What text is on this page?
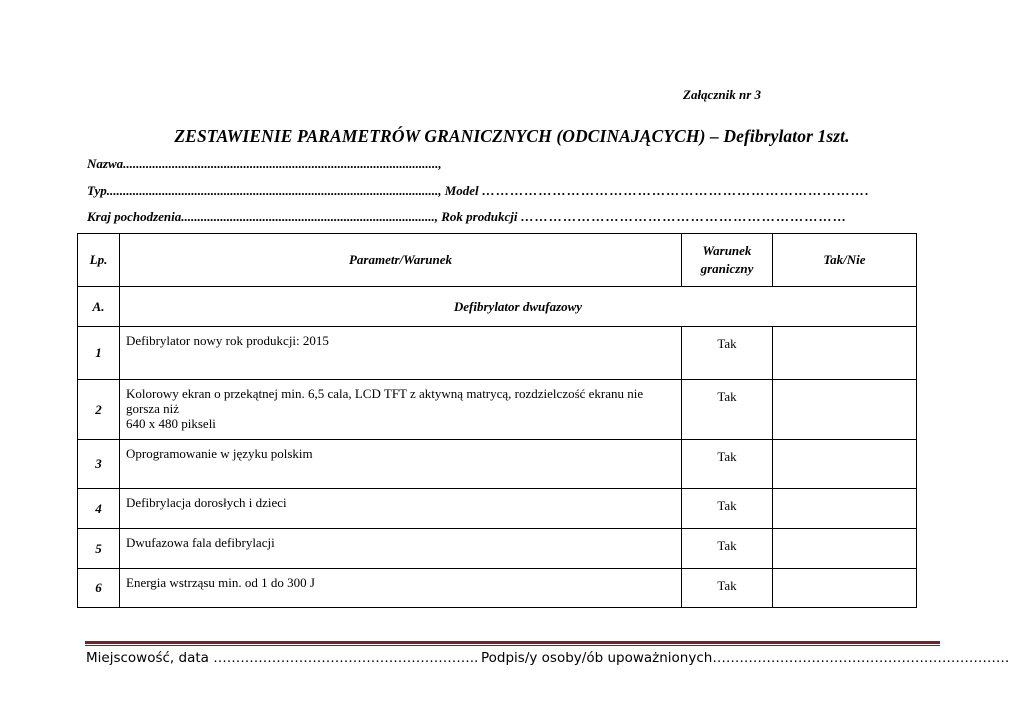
Załącznik nr 3
ZESTAWIENIE PARAMETRÓW GRANICZNYCH (ODCINAJĄCYCH) – Defibrylator 1szt.
Nazwa.................................................................................................,
Typ......................................................................................................, Model ……………………………………………………………………….
Kraj pochodzenia.............................................................................., Rok produkcji ……………………………………………………………
Lp.	Parametr/Warunek	Warunek graniczny	Tak/Nie
A.	Defibrylator dwufazowy		
1	Defibrylator nowy rok produkcji: 2015	Tak	
2	Kolorowy ekran o przekątnej min. 6,5 cala, LCD TFT z aktywną matrycą, rozdzielczość ekranu nie gorsza niż
640 x 480 pikseli	Tak	
3	Oprogramowanie w języku polskim	Tak	
4	Defibrylacja dorosłych i dzieci	Tak	
5	Dwufazowa fala defibrylacji	Tak	
6	Energia wstrząsu min. od 1 do 300 J	Tak	
Miejscowość, data ………………………………………………….. Podpis/y osoby/ób upoważnionych…………………………………………………………
